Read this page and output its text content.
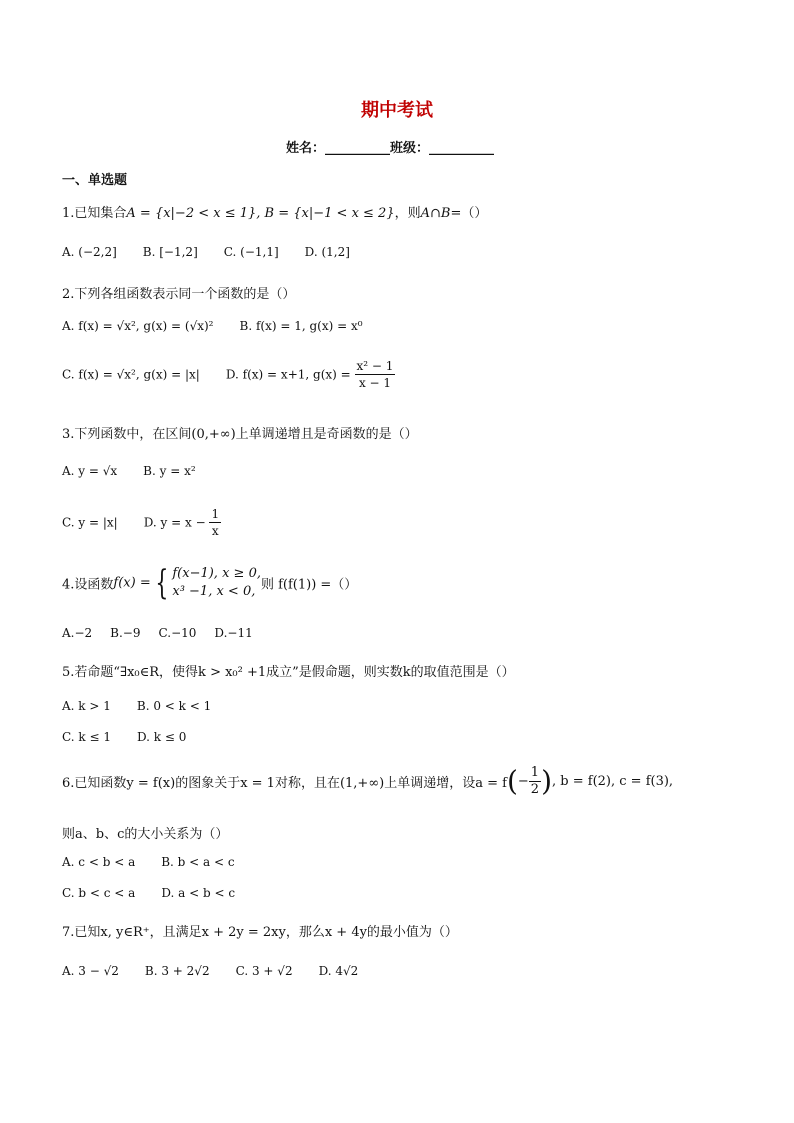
期中考试
姓名：__________班级：__________
一、单选题
1.已知集合A = {x|−2 < x ≤ 1}, B = {x|−1 < x ≤ 2}，则A∩B=（）
A. (−2,2] B. [−1,2] C. (−1,1] D. (1,2]
2.下列各组函数表示同一个函数的是（）
A. f(x) = √x², g(x) = (√x)² B. f(x) = 1, g(x) = x⁰
C. f(x) = √x², g(x) = |x| D. f(x) = x+1, $g(x) = \frac{\text{x² − 1}}{x - 1}$
3.下列函数中，在区间(0,+∞)上单调递增且是奇函数的是（）
A. y = √x B. y = x²
C. y = |x| D. $y = x - \frac{1}{x}$
4.设函数f(x) = { f(x−1), x ≥ 0,
x³ −1, x < 0, 则 f(f(1)) =（）
A.−2 B.−9 C.−10 D.−11
5.若命题“∃x₀∈R，使得k > x₀² +1成立”是假命题，则实数k的取值范围是（）
A. k > 1 B. 0 < k < 1
C. k ≤ 1 D. k ≤ 0
6.已知函数y = f(x)的图象关于x = 1对称，且在(1,+∞)上单调递增，设$a = f(- \frac{1}{2}$ ), b = f(2), c = f(3),
则a、b、c的大小关系为（）
A. c < b < a B. b < a < c
C. b < c < a D. a < b < c
7.已知x, y∈R⁺，且满足x + 2y = 2xy，那么x + 4y的最小值为（）
A. 3 − √2 B. 3 + 2√2 C. 3 + √2 D. 4√2
